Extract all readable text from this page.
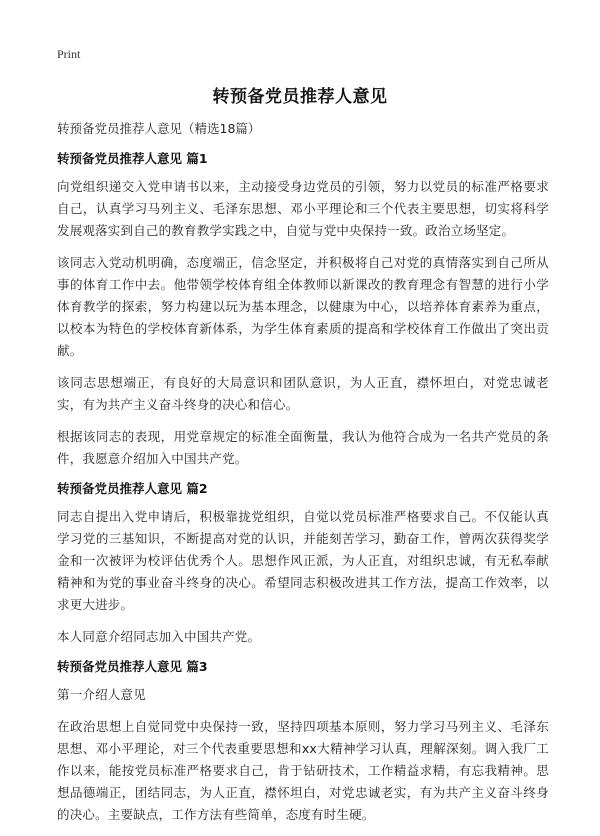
Print
转预备党员推荐人意见
转预备党员推荐人意见（精选18篇）
转预备党员推荐人意见 篇1

向党组织递交入党申请书以来，主动接受身边党员的引领，努力以党员的标准严格要求自己，认真学习马列主义、毛泽东思想、邓小平理论和三个代表主要思想，切实将科学发展观落实到自己的教育教学实践之中，自觉与党中央保持一致。政治立场坚定。

该同志入党动机明确，态度端正，信念坚定，并积极将自己对党的真情落实到自己所从事的体育工作中去。他带领学校体育组全体教师以新课改的教育理念有智慧的进行小学体育教学的探索，努力构建以玩为基本理念，以健康为中心，以培养体育素养为重点，以校本为特色的学校体育新体系，为学生体育素质的提高和学校体育工作做出了突出贡献。

该同志思想端正，有良好的大局意识和团队意识，为人正直，襟怀坦白，对党忠诚老实，有为共产主义奋斗终身的决心和信心。

根据该同志的表现，用党章规定的标准全面衡量，我认为他符合成为一名共产党员的条件，我愿意介绍加入中国共产党。

转预备党员推荐人意见 篇2

同志自提出入党申请后，积极靠拢党组织，自觉以党员标准严格要求自己。不仅能认真学习党的三基知识，不断提高对党的认识，并能刻苦学习，勤奋工作，曾两次获得奖学金和一次被评为校评估优秀个人。思想作风正派，为人正直，对组织忠诚，有无私奉献精神和为党的事业奋斗终身的决心。希望同志积极改进其工作方法，提高工作效率，以求更大进步。

本人同意介绍同志加入中国共产党。

转预备党员推荐人意见 篇3

第一介绍人意见

在政治思想上自觉同党中央保持一致，坚持四项基本原则，努力学习马列主义、毛泽东思想、邓小平理论，对三个代表重要思想和xx大精神学习认真，理解深刻。调入我厂工作以来，能按党员标准严格要求自己，肯于钻研技术，工作精益求精，有忘我精神。思想品德端正，团结同志，为人正直，襟怀坦白，对党忠诚老实，有为共产主义奋斗终身的决心。主要缺点，工作方法有些简单，态度有时生硬。
